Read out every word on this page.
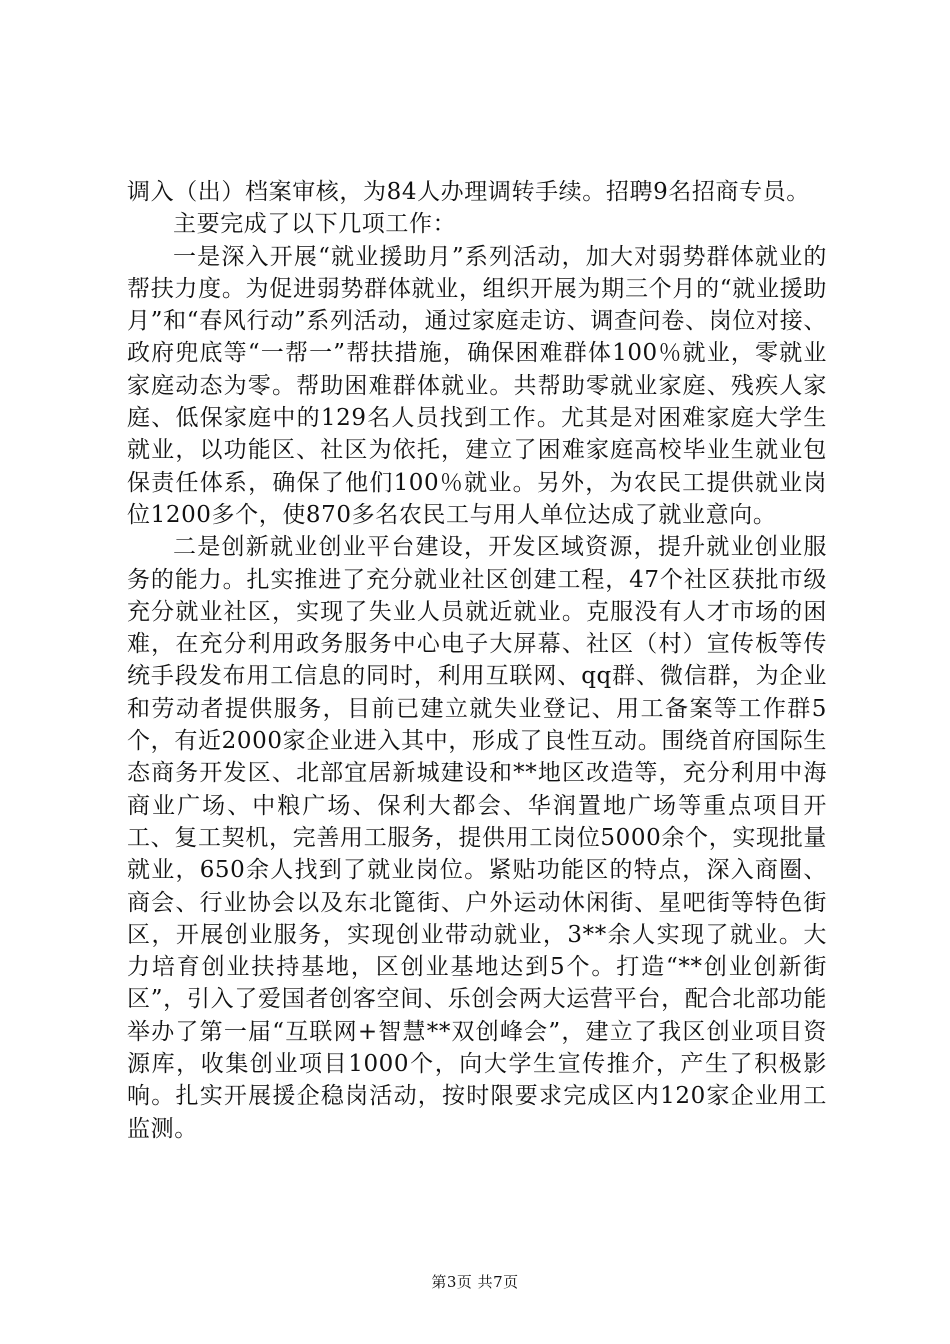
调入（出）档案审核，为84人办理调转手续。招聘9名招商专员。

主要完成了以下几项工作：

一是深入开展“就业援助月”系列活动，加大对弱势群体就业的帮扶力度。为促进弱势群体就业，组织开展为期三个月的“就业援助月”和“春风行动”系列活动，通过家庭走访、调查问卷、岗位对接、政府兜底等“一帮一”帮扶措施，确保困难群体100％就业，零就业家庭动态为零。帮助困难群体就业。共帮助零就业家庭、残疾人家庭、低保家庭中的129名人员找到工作。尤其是对困难家庭大学生就业，以功能区、社区为依托，建立了困难家庭高校毕业生就业包保责任体系，确保了他们100％就业。另外，为农民工提供就业岗位1200多个，使870多名农民工与用人单位达成了就业意向。

二是创新就业创业平台建设，开发区域资源，提升就业创业服务的能力。扎实推进了充分就业社区创建工程，47个社区获批市级充分就业社区，实现了失业人员就近就业。克服没有人才市场的困难，在充分利用政务服务中心电子大屏幕、社区（村）宣传板等传统手段发布用工信息的同时，利用互联网、qq群、微信群，为企业和劳动者提供服务，目前已建立就失业登记、用工备案等工作群5个，有近2000家企业进入其中，形成了良性互动。围绕首府国际生态商务开发区、北部宜居新城建设和**地区改造等，充分利用中海商业广场、中粮广场、保利大都会、华润置地广场等重点项目开工、复工契机，完善用工服务，提供用工岗位5000余个，实现批量就业，650余人找到了就业岗位。紧贴功能区的特点，深入商圈、商会、行业协会以及东北篦街、户外运动休闲街、星吧街等特色街区，开展创业服务，实现创业带动就业，3**余人实现了就业。大力培育创业扶持基地，区创业基地达到5个。打造“**创业创新街区”，引入了爱国者创客空间、乐创会两大运营平台，配合北部功能举办了第一届“互联网+智慧**双创峰会”，建立了我区创业项目资源库，收集创业项目1000个，向大学生宣传推介，产生了积极影响。扎实开展援企稳岗活动，按时限要求完成区内120家企业用工监测。

第3页 共7页
